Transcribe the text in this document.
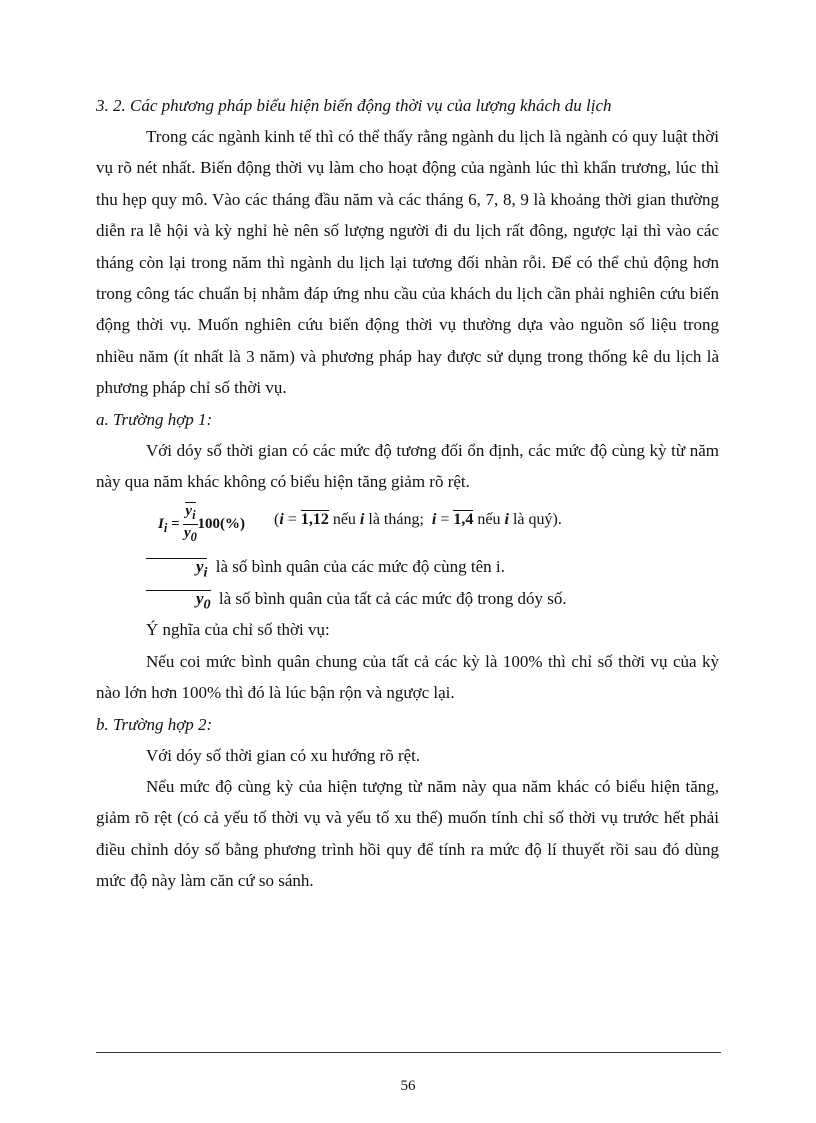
3. 2. Các phương pháp biểu hiện biến động thời vụ của lượng khách du lịch

Trong các ngành kinh tế thì có thể thấy rằng ngành du lịch là ngành có quy luật thời vụ rõ nét nhất. Biến động thời vụ làm cho hoạt động của ngành lúc thì khẩn trương, lúc thì thu hẹp quy mô. Vào các tháng đầu năm và các tháng 6, 7, 8, 9 là khoảng thời gian thường diễn ra lễ hội và kỳ nghỉ hè nên số lượng người đi du lịch rất đông, ngược lại thì vào các tháng còn lại trong năm thì ngành du lịch lại tương đối nhàn rỗi. Để có thể chủ động hơn trong công tác chuẩn bị nhằm đáp ứng nhu cầu của khách du lịch cần phải nghiên cứu biến động thời vụ. Muốn nghiên cứu biến động thời vụ thường dựa vào nguồn số liệu trong nhiều năm (ít nhất là 3 năm) và phương pháp hay được sử dụng trong thống kê du lịch là phương pháp chỉ số thời vụ.

a. Trường hợp 1:

Với dóy số thời gian có các mức độ tương đối ổn định, các mức độ cùng kỳ từ năm này qua năm khác không có biểu hiện tăng giảm rõ rệt.

$I_i = \frac{y_i}{y_0} 100(\%) (i = 1,12$ nếu i là tháng; i = 1,4 nếu i là quý).

$y_i$ là số bình quân của các mức độ cùng tên i.

$y_0$ là số bình quân của tất cả các mức độ trong dóy số.

Ý nghĩa của chỉ số thời vụ:

Nếu coi mức bình quân chung của tất cả các kỳ là 100% thì chỉ số thời vụ của kỳ nào lớn hơn 100% thì đó là lúc bận rộn và ngược lại.

b. Trường hợp 2:

Với dóy số thời gian có xu hướng rõ rệt.

Nếu mức độ cùng kỳ của hiện tượng từ năm này qua năm khác có biểu hiện tăng, giảm rõ rệt (có cả yếu tố thời vụ và yếu tố xu thế) muốn tính chỉ số thời vụ trước hết phải điều chỉnh dóy số bằng phương trình hồi quy để tính ra mức độ lí thuyết rồi sau đó dùng mức độ này làm căn cứ so sánh.

56
